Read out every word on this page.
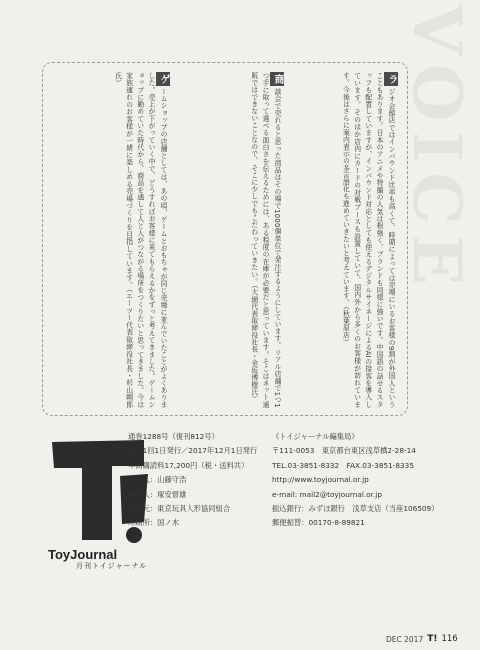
VOICE
ラジオ会館店ではインバウンド比率も高くて、時期によっては売場にいるお客様の9割が外国人ということもあります。日本のアニメや特撮の人気は根強く、ブランドも同様に強いです。中国語の話せるスタッフも配置していますが、インバウンド対応としても使えるデジタルサイネージによるAIの接客を導入しています。そのほか店内にカードの対戦ブースも設置していて、国内外から多くのお客様が訪れています。今後はさらに案内表示の多言語化も進めていきたいと考えています。（秋葉原店）
商談会で売れると思った商品はその場で1000個単位で発注するようにしています。リアル店舗で1つ1つ手に取って選べる面白さを伝えるためには、ある程度の在庫が必要だと思っています。そこはネット通販ではできないことなので、そこに少しでもこだわっていきたい。（大網代表取締役社長・金坂博樹氏）
ゲームショップの店舗としては、あの頃、ゲームとおもちゃが同じ売場に並んでいたことがよくありました。売上が下がっていく中で、どうすればお客様に来てもらえるかをずっと考えてきました。ゲームショップに勤めていた時代から、商品を通して人と人がつながる場所をつくりたいと思ってきました。今は家族連れのお客様が一緒に楽しめる売場づくりを目指しています。（エーツー代表取締役社長・杉山剛郎氏）
ToyJournal
月刊トイジャーナル
通巻1288号（復刊812号）
毎月1回1日発行／2017年12月1日発行
年間購読料17,200円（税・送料共）
発行人：山藤守浩
編集人：塚安督雄
発行元：東京玩具人形協同組合
印刷所：国ノ木
《トイジャーナル編集局》
〒111-0053　東京都台東区浅草橋2-28-14
TEL.03-3851-8332　FAX.03-3851-8335
http://www.toyjournal.or.jp
e-mail: mail2@toyjournal.or.jp
振込銀行：みずほ銀行　浅草支店（当座106509）
郵便振替：00170-8-89821
DEC 2017 T! 116
